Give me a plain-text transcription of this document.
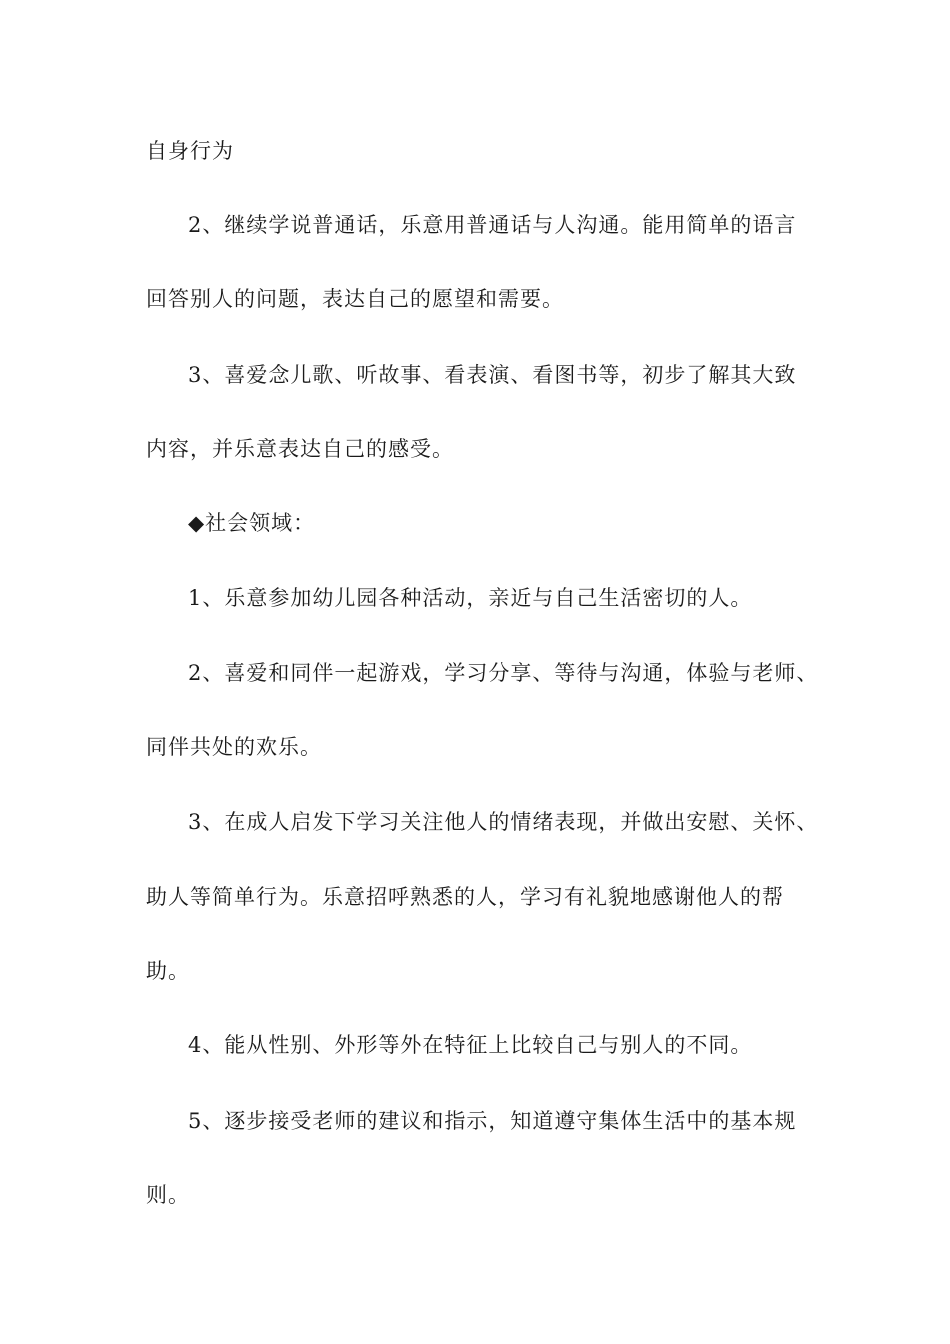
自身行为
2、继续学说普通话，乐意用普通话与人沟通。能用简单的语言
回答别人的问题，表达自己的愿望和需要。
3、喜爱念儿歌、听故事、看表演、看图书等，初步了解其大致
内容，并乐意表达自己的感受。
◆社会领域：
1、乐意参加幼儿园各种活动，亲近与自己生活密切的人。
2、喜爱和同伴一起游戏，学习分享、等待与沟通，体验与老师、
同伴共处的欢乐。
3、在成人启发下学习关注他人的情绪表现，并做出安慰、关怀、
助人等简单行为。乐意招呼熟悉的人，学习有礼貌地感谢他人的帮
助。
4、能从性别、外形等外在特征上比较自己与别人的不同。
5、逐步接受老师的建议和指示，知道遵守集体生活中的基本规
则。
